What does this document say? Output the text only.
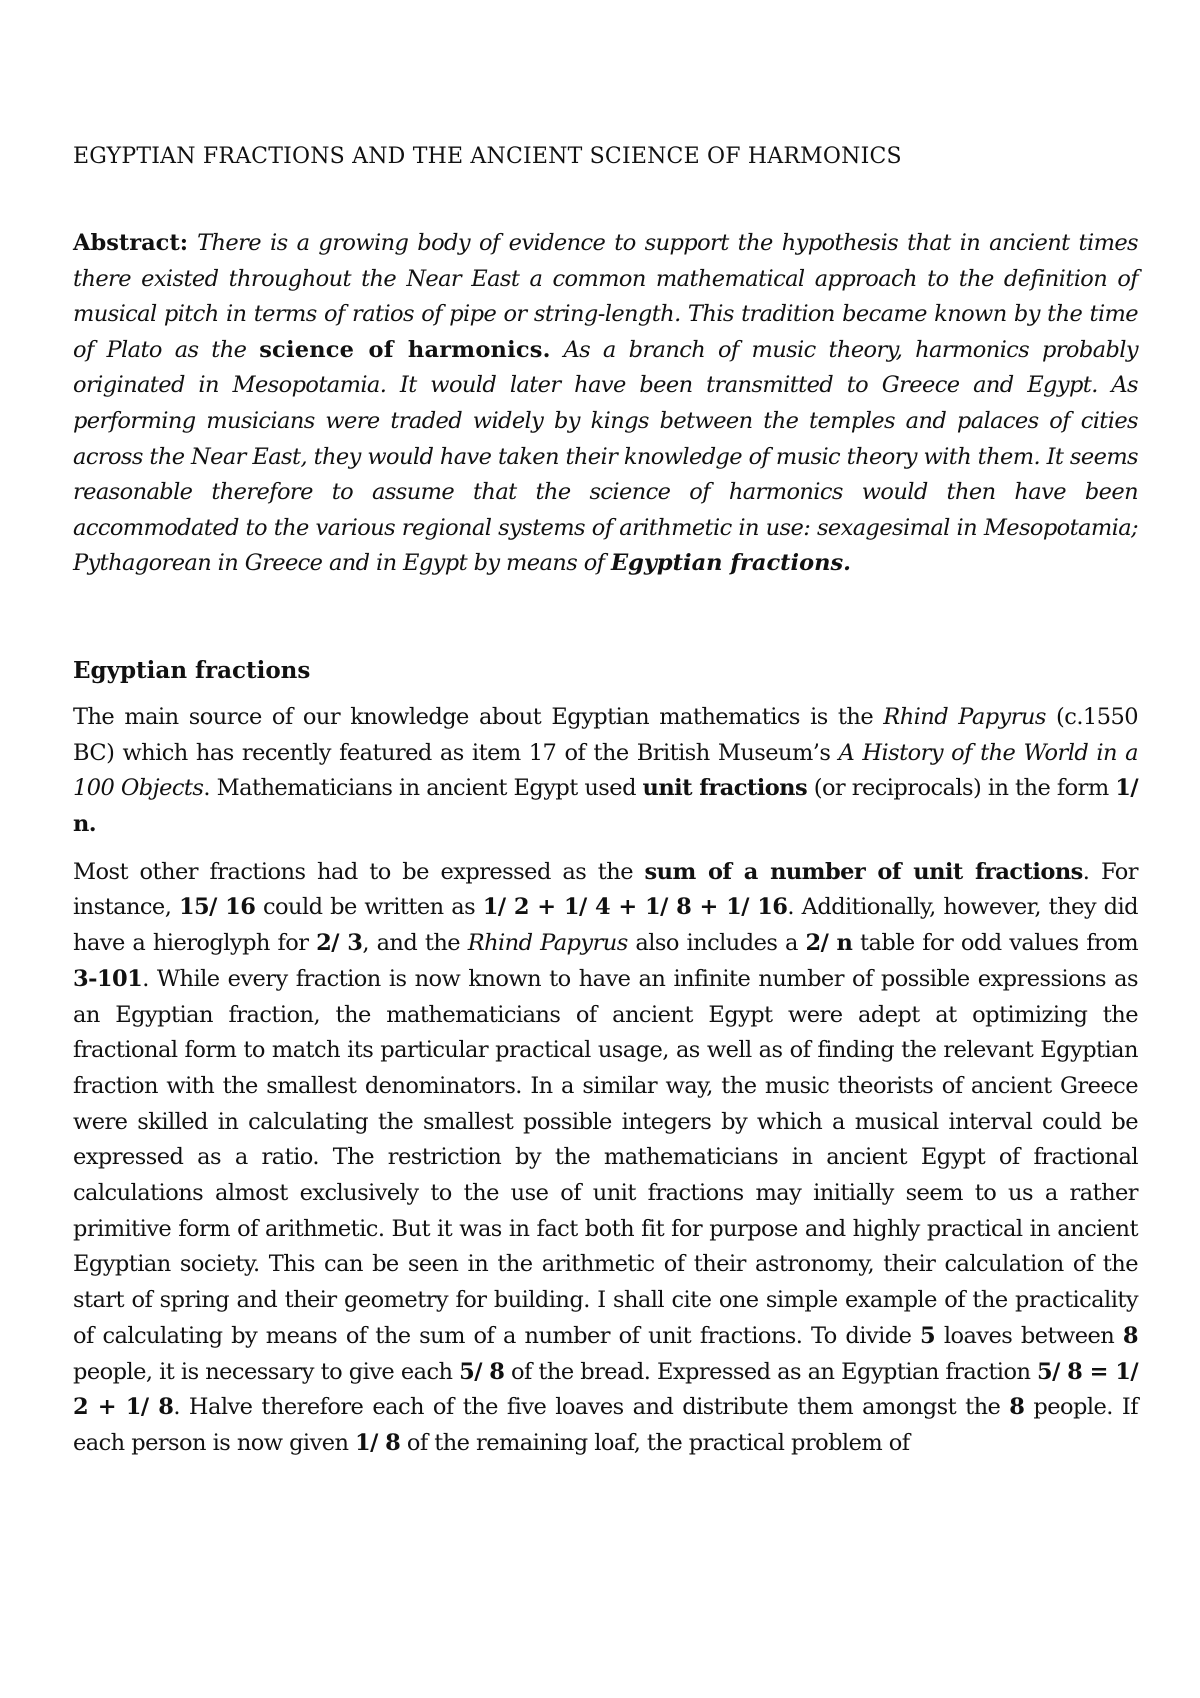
EGYPTIAN FRACTIONS AND THE ANCIENT SCIENCE OF HARMONICS

Abstract: There is a growing body of evidence to support the hypothesis that in ancient times there existed throughout the Near East a common mathematical approach to the definition of musical pitch in terms of ratios of pipe or string-length. This tradition became known by the time of Plato as the science of harmonics. As a branch of music theory, harmonics probably originated in Mesopotamia. It would later have been transmitted to Greece and Egypt. As performing musicians were traded widely by kings between the temples and palaces of cities across the Near East, they would have taken their knowledge of music theory with them. It seems reasonable therefore to assume that the science of harmonics would then have been accommodated to the various regional systems of arithmetic in use: sexagesimal in Mesopotamia; Pythagorean in Greece and in Egypt by means of Egyptian fractions.

Egyptian fractions

The main source of our knowledge about Egyptian mathematics is the Rhind Papyrus (c.1550 BC) which has recently featured as item 17 of the British Museum’s A History of the World in a 100 Objects. Mathematicians in ancient Egypt used unit fractions (or reciprocals) in the form 1/ n.

Most other fractions had to be expressed as the sum of a number of unit fractions. For instance, 15/ 16 could be written as 1/ 2 + 1/ 4 + 1/ 8 + 1/ 16. Additionally, however, they did have a hieroglyph for 2/ 3, and the Rhind Papyrus also includes a 2/ n table for odd values from 3-101. While every fraction is now known to have an infinite number of possible expressions as an Egyptian fraction, the mathematicians of ancient Egypt were adept at optimizing the fractional form to match its particular practical usage, as well as of finding the relevant Egyptian fraction with the smallest denominators. In a similar way, the music theorists of ancient Greece were skilled in calculating the smallest possible integers by which a musical interval could be expressed as a ratio. The restriction by the mathematicians in ancient Egypt of fractional calculations almost exclusively to the use of unit fractions may initially seem to us a rather primitive form of arithmetic. But it was in fact both fit for purpose and highly practical in ancient Egyptian society. This can be seen in the arithmetic of their astronomy, their calculation of the start of spring and their geometry for building. I shall cite one simple example of the practicality of calculating by means of the sum of a number of unit fractions. To divide 5 loaves between 8 people, it is necessary to give each 5/ 8 of the bread. Expressed as an Egyptian fraction 5/ 8 = 1/ 2 + 1/ 8. Halve therefore each of the five loaves and distribute them amongst the 8 people. If each person is now given 1/ 8 of the remaining loaf, the practical problem of
